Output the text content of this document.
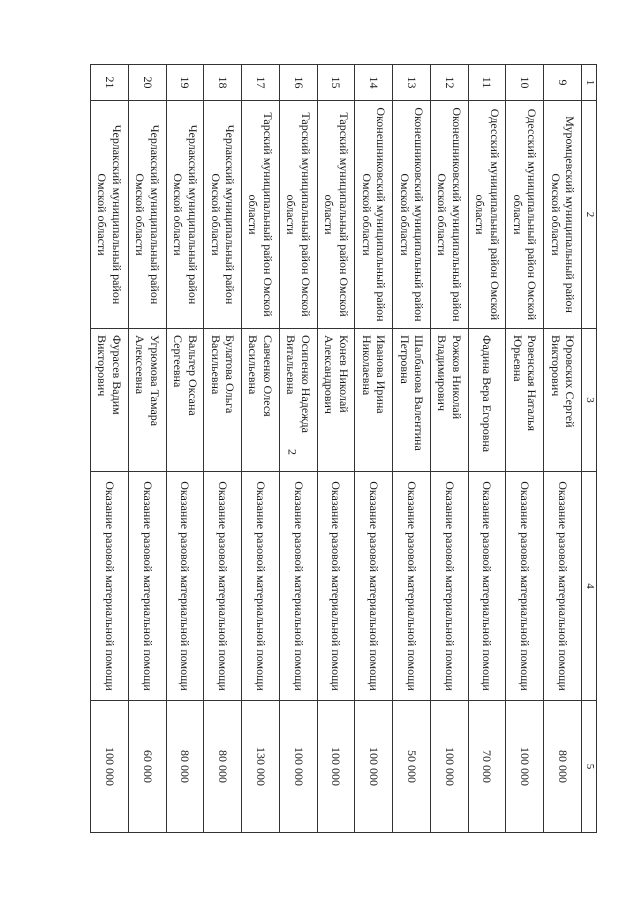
2
1	2	3	4	5
9	Муромцевский муниципальный район Омской области	Юровских Сергей Викторович	Оказание разовой материальной помощи	80 000
10	Одесский муниципальный район Омской области	Ровенская Наталья Юрьевна	Оказание разовой материальной помощи	100 000
11	Одесский муниципальный район Омской области	Фадина Вера Егоровна	Оказание разовой материальной помощи	70 000
12	Оконешниковский муниципальный район Омской области	Рожков Николай Владимирович	Оказание разовой материальной помощи	100 000
13	Оконешниковский муниципальный район Омской области	Шалбанова Валентина Петровна	Оказание разовой материальной помощи	50 000
14	Оконешниковский муниципальный район Омской области	Иванова Ирина Николаевна	Оказание разовой материальной помощи	100 000
15	Тарский муниципальный район Омской области	Конев Николай Александрович	Оказание разовой материальной помощи	100 000
16	Тарский муниципальный район Омской области	Осипенко Надежда Витальевна	Оказание разовой материальной помощи	100 000
17	Тарский муниципальный район Омской области	Савченко Олеся Васильевна	Оказание разовой материальной помощи	130 000
18	Черлакский муниципальный район Омской области	Булатова Ольга Васильевна	Оказание разовой материальной помощи	80 000
19	Черлакский муниципальный район Омской области	Вальтер Оксана Сергеевна	Оказание разовой материальной помощи	80 000
20	Черлакский муниципальный район Омской области	Угрюмова Тамара Алексеевна	Оказание разовой материальной помощи	60 000
21	Черлакский муниципальный район Омской области	Фурасев Вадим Викторович	Оказание разовой материальной помощи	100 000
